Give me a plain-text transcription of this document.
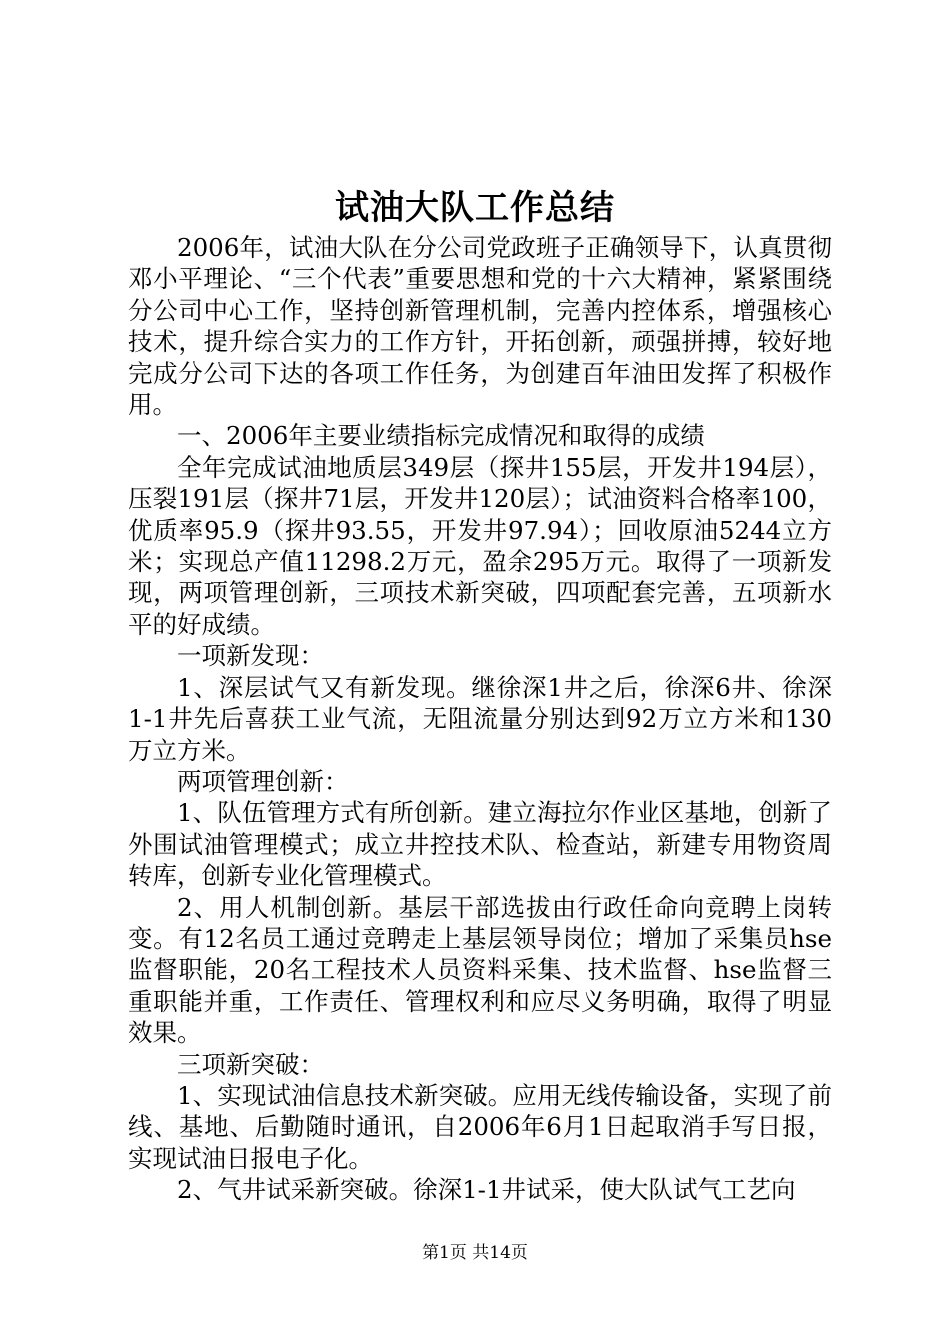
试油大队工作总结

2006年，试油大队在分公司党政班子正确领导下，认真贯彻邓小平理论、“三个代表”重要思想和党的十六大精神，紧紧围绕分公司中心工作，坚持创新管理机制，完善内控体系，增强核心技术，提升综合实力的工作方针，开拓创新，顽强拼搏，较好地完成分公司下达的各项工作任务，为创建百年油田发挥了积极作用。

一、2006年主要业绩指标完成情况和取得的成绩

全年完成试油地质层349层（探井155层，开发井194层），压裂191层（探井71层，开发井120层）；试油资料合格率100，优质率95.9（探井93.55，开发井97.94）；回收原油5244立方米；实现总产值11298.2万元，盈余295万元。取得了一项新发现，两项管理创新，三项技术新突破，四项配套完善，五项新水平的好成绩。

一项新发现：

1、深层试气又有新发现。继徐深1井之后，徐深6井、徐深1-1井先后喜获工业气流，无阻流量分别达到92万立方米和130万立方米。

两项管理创新：

1、队伍管理方式有所创新。建立海拉尔作业区基地，创新了外围试油管理模式；成立井控技术队、检查站，新建专用物资周转库，创新专业化管理模式。

2、用人机制创新。基层干部选拔由行政任命向竞聘上岗转变。有12名员工通过竞聘走上基层领导岗位；增加了采集员hse监督职能，20名工程技术人员资料采集、技术监督、hse监督三重职能并重，工作责任、管理权利和应尽义务明确，取得了明显效果。

三项新突破：

1、实现试油信息技术新突破。应用无线传输设备，实现了前线、基地、后勤随时通讯，自2006年6月1日起取消手写日报，实现试油日报电子化。

2、气井试采新突破。徐深1-1井试采，使大队试气工艺向

第1页 共14页
